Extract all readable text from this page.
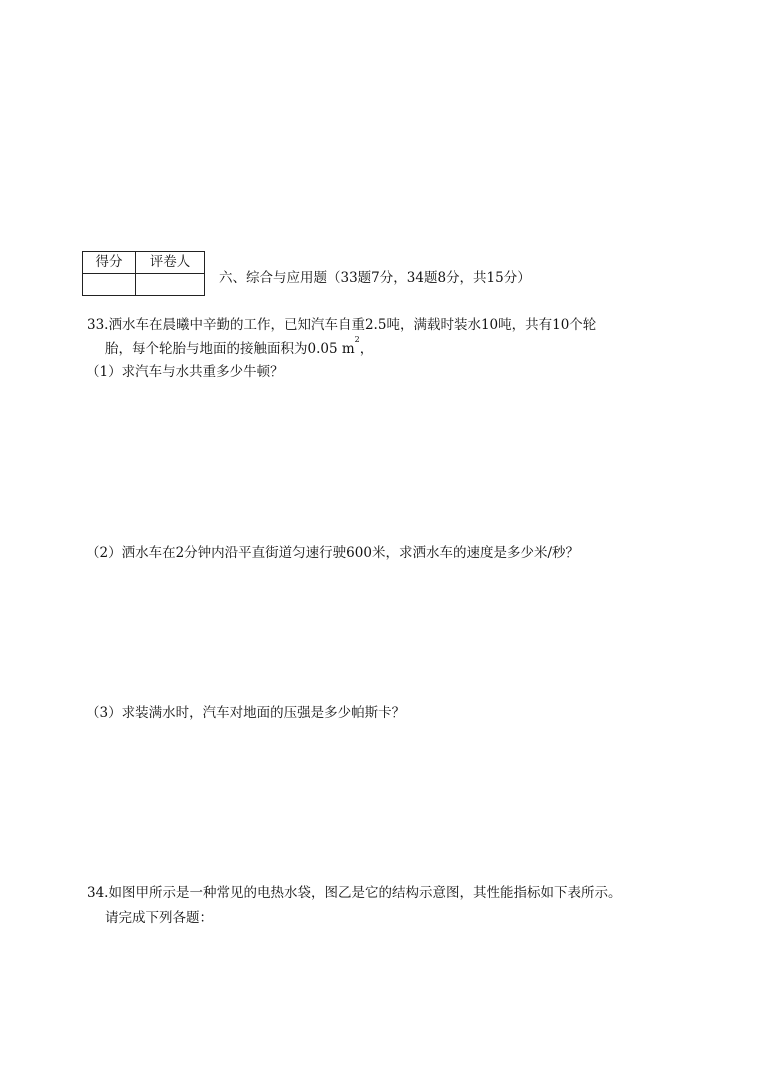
得分	评卷人

六、综合与应用题（33题7分，34题8分，共15分）
33.洒水车在晨曦中辛勤的工作，已知汽车自重2.5吨，满载时装水10吨，共有10个轮
胎，每个轮胎与地面的接触面积为0.05 $m^2$，
（1）求汽车与水共重多少牛顿？
（2）洒水车在2分钟内沿平直街道匀速行驶600米，求洒水车的速度是多少米/秒？
（3）求装满水时，汽车对地面的压强是多少帕斯卡？
34.如图甲所示是一种常见的电热水袋，图乙是它的结构示意图，其性能指标如下表所示。
请完成下列各题：
